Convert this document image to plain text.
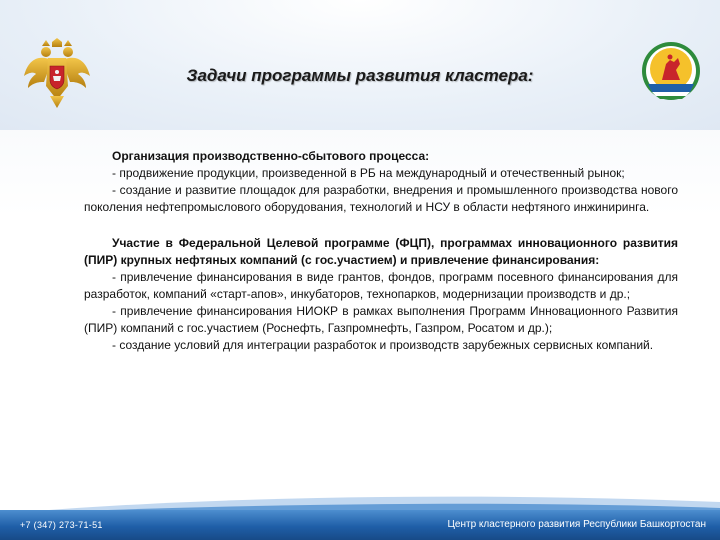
Задачи программы развития кластера:
Организация производственно-сбытового процесса:
- продвижение продукции, произведенной в РБ на международный и отечественный рынок;
- создание и развитие площадок для разработки, внедрения и промышленного производства нового поколения нефтепромыслового оборудования, технологий и НСУ в области нефтяного инжиниринга.
Участие в Федеральной Целевой программе (ФЦП), программах инновационного развития (ПИР) крупных нефтяных компаний (с гос.участием) и привлечение финансирования:
- привлечение финансирования в виде грантов, фондов, программ посевного финансирования для разработок, компаний «старт-апов», инкубаторов, технопарков, модернизации производств и др.;
- привлечение финансирования НИОКР в рамках выполнения Программ Инновационного Развития (ПИР) компаний с гос.участием (Роснефть, Газпромнефть, Газпром, Росатом и др.);
- создание условий для интеграции разработок и производств зарубежных сервисных компаний.
+7 (347) 273-71-51	Центр кластерного развития Республики Башкортостан
